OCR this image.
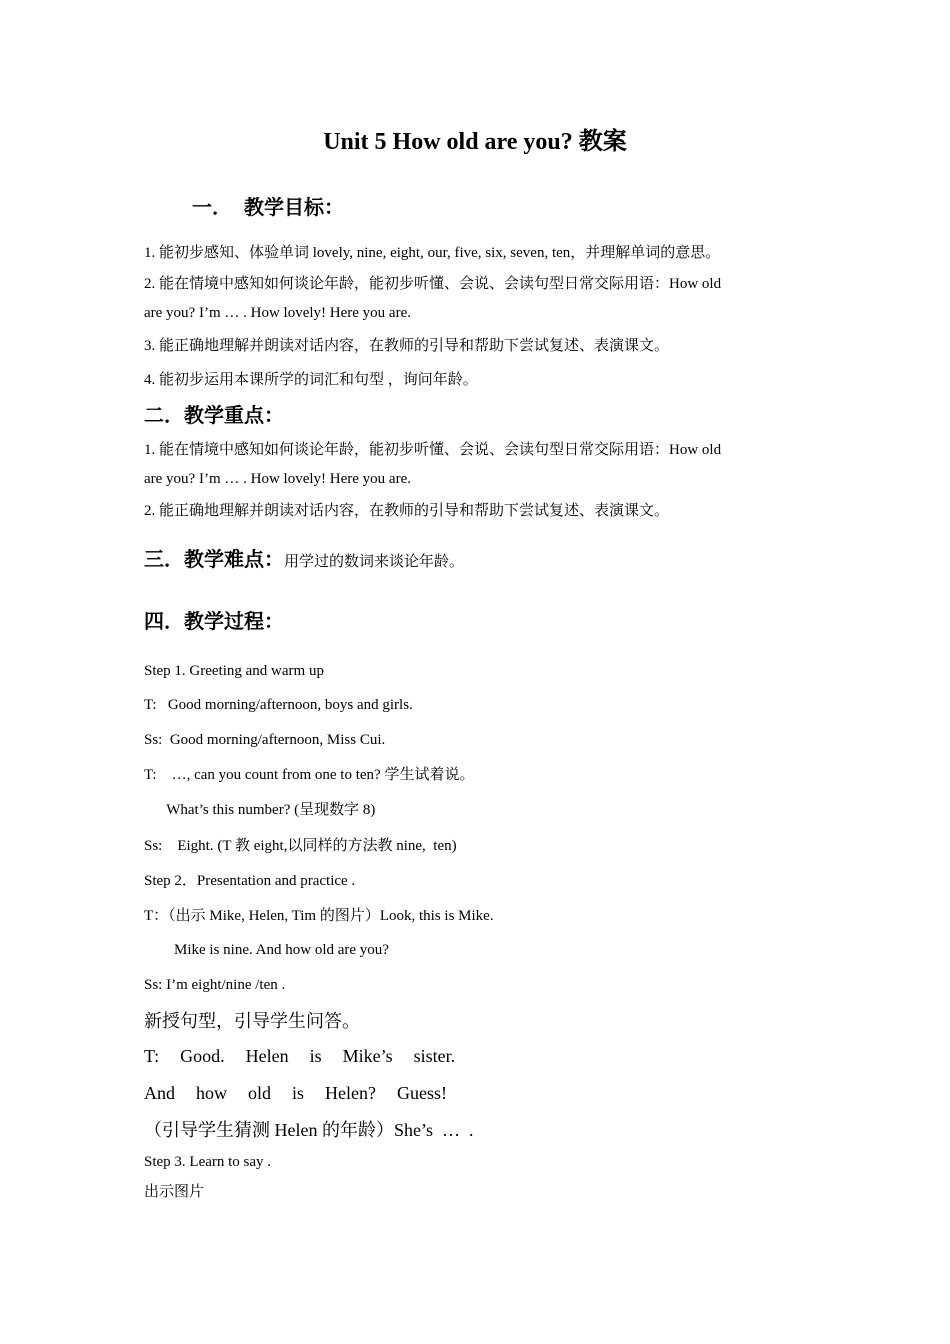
Unit 5 How old are you? 教案
一． 教学目标：
1. 能初步感知、体验单词 lovely, nine, eight, our, five, six, seven, ten，并理解单词的意思。
2. 能在情境中感知如何谈论年龄，能初步听懂、会说、会读句型日常交际用语：How old
are you? I’m … . How lovely! Here you are.
3. 能正确地理解并朗读对话内容，在教师的引导和帮助下尝试复述、表演课文。
4. 能初步运用本课所学的词汇和句型 ，询问年龄。
二．教学重点：
1. 能在情境中感知如何谈论年龄，能初步听懂、会说、会读句型日常交际用语：How old
are you? I’m … . How lovely! Here you are.
2. 能正确地理解并朗读对话内容，在教师的引导和帮助下尝试复述、表演课文。
三．教学难点：用学过的数词来谈论年龄。
四．教学过程：
Step 1. Greeting and warm up
T:   Good morning/afternoon, boys and girls.
Ss:  Good morning/afternoon, Miss Cui.
T:    …, can you count from one to ten? 学生试着说。
What’s this number? (呈现数字 8)
Ss:    Eight. (T 教 eight,以同样的方法教 nine,  ten)
Step 2．Presentation and practice .
T：（出示 Mike, Helen, Tim 的图片）Look, this is Mike.
Mike is nine. And how old are you?
Ss: I’m eight/nine /ten .
新授句型，引导学生问答。
T:  Good.  Helen  is  Mike’s  sister.
And  how  old  is  Helen?  Guess!
（引导学生猜测 Helen 的年龄）She’s  …  .
Step 3. Learn to say .
出示图片
